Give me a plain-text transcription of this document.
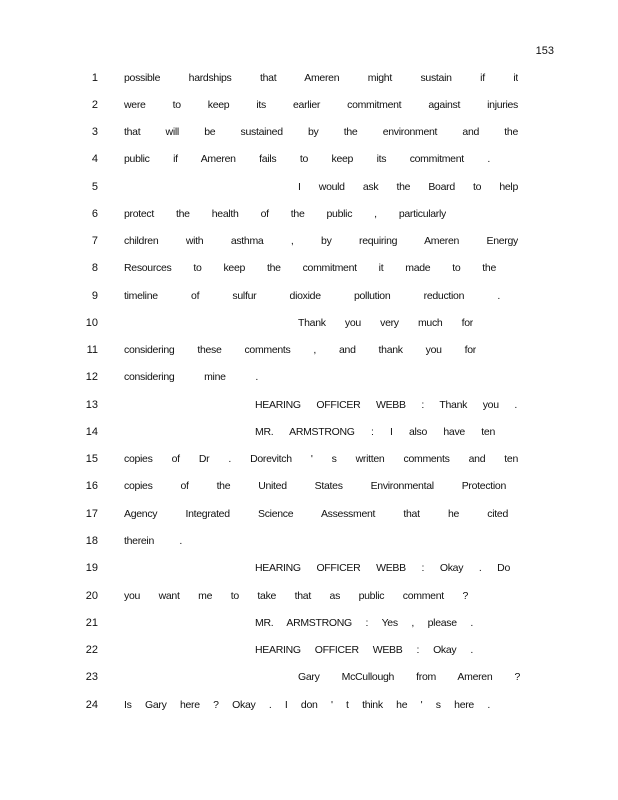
153
1 possible hardships that Ameren might sustain if it
2 were to keep its earlier commitment against injuries
3 that will be sustained by the environment and the
4 public if Ameren fails to keep its commitment .
5	I would ask the Board to help
6 protect the health of the public , particularly
7 children with asthma , by requiring Ameren Energy
8 Resources to keep the commitment it made to the
9 timeline of sulfur dioxide pollution reduction .
10	Thank you very much for
11 considering these comments , and thank you for
12 considering mine .
13	HEARING OFFICER WEBB : Thank you .
14	MR. ARMSTRONG : I also have ten
15 copies of Dr . Dorevitch ' s written comments and ten
16 copies of the United States Environmental Protection
17 Agency Integrated Science Assessment that he cited
18 therein .
19	HEARING OFFICER WEBB : Okay . Do
20 you want me to take that as public comment ?
21	MR. ARMSTRONG : Yes , please .
22	HEARING OFFICER WEBB : Okay .
23	Gary McCullough from Ameren ?
24 Is Gary here ? Okay . I don ' t think he ' s here .
